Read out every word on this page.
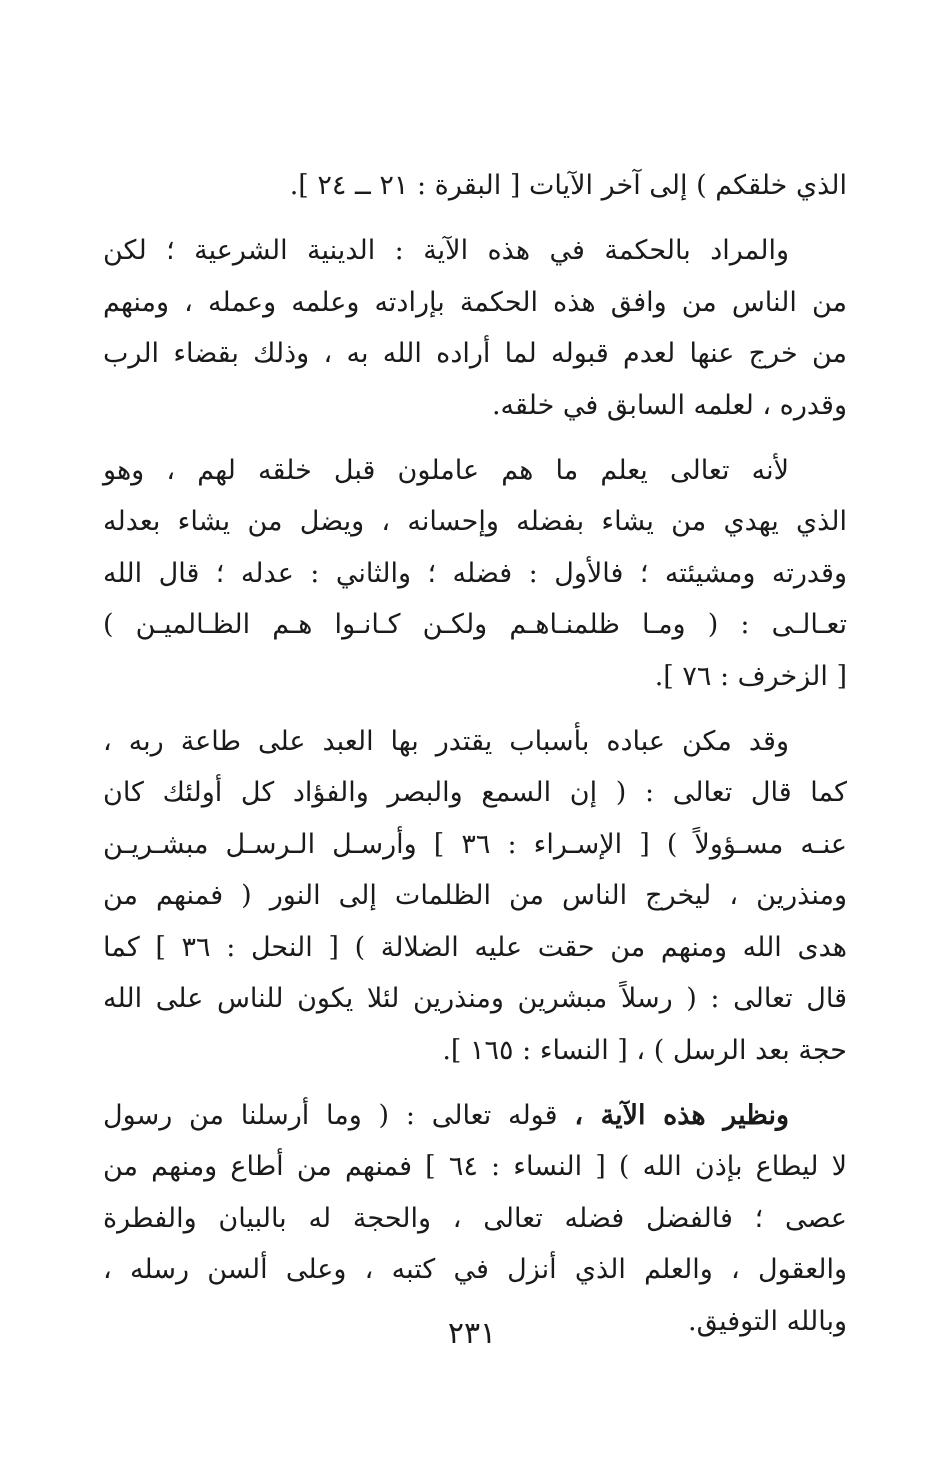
الذي خلقكم ) إلى آخر الآيات [ البقرة : ٢١ ــ ٢٤ ].
والمراد بالحكمة في هذه الآية : الدينية الشرعية ؛ لكن
من الناس من وافق هذه الحكمة بإرادته وعلمه وعمله ، ومنهم
من خرج عنها لعدم قبوله لما أراده الله به ، وذلك بقضاء الرب
وقدره ، لعلمه السابق في خلقه.
لأنه تعالى يعلم ما هم عاملون قبل خلقه لهم ، وهو
الذي يهدي من يشاء بفضله وإحسانه ، ويضل من يشاء بعدله
وقدرته ومشيئته ؛ فالأول : فضله ؛ والثاني : عدله ؛ قال الله
تعـالـى : ( ومـا ظلمنـاهـم ولكـن كـانـوا هـم الظـالميـن )
[ الزخرف : ٧٦ ].
وقد مكن عباده بأسباب يقتدر بها العبد على طاعة ربه ،
كما قال تعالى : ( إن السمع والبصر والفؤاد كل أولئك كان
عنـه مسـؤولاً ) [ الإسـراء : ٣٦ ] وأرسـل الـرسـل مبشـريـن
ومنذرين ، ليخرج الناس من الظلمات إلى النور ( فمنهم من
هدى الله ومنهم من حقت عليه الضلالة ) [ النحل : ٣٦ ] كما
قال تعالى : ( رسلاً مبشرين ومنذرين لئلا يكون للناس على الله
حجة بعد الرسل ) ، [ النساء : ١٦٥ ].
ونظير هذه الآية ، قوله تعالى : ( وما أرسلنا من رسول
لا ليطاع بإذن الله ) [ النساء : ٦٤ ] فمنهم من أطاع ومنهم من
عصى ؛ فالفضل فضله تعالى ، والحجة له بالبيان والفطرة
والعقول ، والعلم الذي أنزل في كتبه ، وعلى ألسن رسله ،
وبالله التوفيق.
٢٣١
